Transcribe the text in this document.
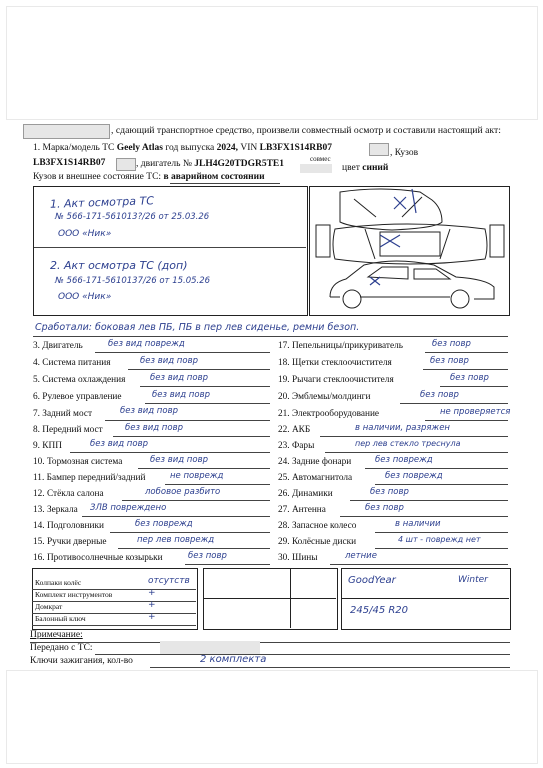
, сдающий транспортное средство, произвели совместный осмотр и составили настоящий акт:
1. Марка/модель ТС Geely Atlas год выпуска 2024, VIN LB3FX1S14RB07	, Кузов
LB3FX1S14RB07	, двигатель № JLH4G20TDGR5TE1	совмес
цвет синий
Кузов и внешнее состояние ТС: в аварийном состоянии
1. Акт осмотра ТС
№ 566-171-561013?/26 от 25.03.26
ООО «Ник»
2. Акт осмотра ТС (доп)
№ 566-171-5610137/26 от 15.05.26
ООО «Ник»
Сработали: боковая лев ПБ, ПБ в пер лев сиденье, ремни безоп.
3. Двигатель	без вид поврежд
4. Система питания	без вид повр
5. Система охлаждения	без вид повр
6. Рулевое управление	без вид повр
7. Задний мост	без вид повр
8. Передний мост	без вид повр
9. КПП	без вид повр
10. Тормозная система	без вид повр
11. Бампер передний/задний	не поврежд
12. Стёкла салона	лобовое разбито
13. Зеркала ЗЛВ повреждено
14. Подголовники	без поврежд
15. Ручки дверные	пер лев поврежд
16. Противосолнечные козырьки	без повр
17. Пепельницы/прикуриватель	без повр
18. Щетки стеклоочистителя	без повр
19. Рычаги стеклоочистителя	без повр
20. Эмблемы/молдинги	без повр
21. Электрооборудование	не проверяется
22. АКБ	в наличии, разряжен
23. Фары	пер лев стекло треснула
24. Задние фонари	без поврежд
25. Автомагнитола	без поврежд
26. Динамики	без повр
27. Антенна	без повр
28. Запасное колесо	в наличии
29. Колёсные диски	4 шт - поврежд нет
30. Шины	летние
Колпаки колёс	отсутств
Комплект инструментов	+
Домкрат	+
Балонный ключ	+
GoodYear	Winter
245/45 R20
Примечание:
Передано с ТС:
Ключи зажигания, кол-во	2 комплекта
